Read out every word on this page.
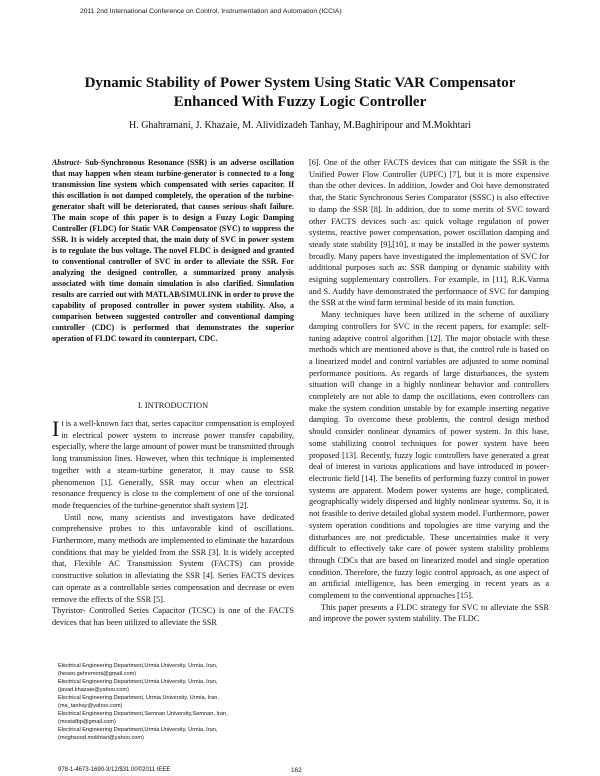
2011 2nd International Conference on Control, Instrumentation and Automation (ICCIA)
Dynamic Stability of Power System Using Static VAR Compensator
Enhanced With Fuzzy Logic Controller
H. Ghahramani, J. Khazaie, M. Alividizadeh Tanhay, M.Baghiripour and M.Mokhtari

Abstract- Sub-Synchronous Resonance (SSR) is an adverse oscillation that may happen when steam turbine-generator is connected to a long transmission line system which compensated with series capacitor. If this oscillation is not damped completely, the operation of the turbine-generator shaft will be deteriorated, that causes serious shaft failure. The main scope of this paper is to design a Fuzzy Logic Damping Controller (FLDC) for Static VAR Compensator (SVC) to suppress the SSR. It is widely accepted that, the main duty of SVC in power system is to regulate the bus voltage. The novel FLDC is designed and granted to conventional controller of SVC in order to alleviate the SSR. For analyzing the designed controller, a summarized prony analysis associated with time domain simulation is also clarified. Simulation results are carried out with MATLAB/SIMULINK in order to prove the capability of proposed controller in power system stability. Also, a comparison between suggested controller and conventional damping controller (CDC) is performed that demonstrates the superior operation of FLDC toward its counterpart, CDC.

I. INTRODUCTION

It is a well-known fact that, series capacitor compensation is employed in electrical power system to increase power transfer capability, especially, where the large amount of power must be transmitted through long transmission lines. However, when this technique is implemented together with a steam-turbine generator, it may cause to SSR phenomenon [1]. Generally, SSR may occur when an electrical resonance frequency is close to the complement of one of the torsional mode frequencies of the turbine-generator shaft system [2].

Until now, many scientists and investigators have dedicated comprehensive probes to this unfavorable kind of oscillations. Furthermore, many methods are implemented to eliminate the hazardous conditions that may be yielded from the SSR [3]. It is widely accepted that, Flexible AC Transmission System (FACTS) can provide constructive solution in alleviating the SSR [4]. Series FACTS devices can operate as a controllable series compensation and decrease or even remove the effects of the SSR [5].

Thyristor- Controlled Series Capacitor (TCSC) is one of the FACTS devices that has been utilized to alleviate the SSR

[6]. One of the other FACTS devices that can mitigate the SSR is the Unified Power Flow Controller (UPFC) [7], but it is more expensive than the other devices. In addition, Jowder and Ooi have demonstrated that, the Static Synchronous Series Comparator (SSSC) is also effective to damp the SSR [8]. In addition, due to some merits of SVC toward other FACTS devices such as: quick voltage regulation of power systems, reactive power compensation, power oscillation damping and steady state stability [9],[10], it may be installed in the power systems broadly. Many papers have investigated the implementation of SVC for additional purposes such as: SSR damping or dynamic stability with esigning supplementary controllers. For example, in [11], R.K.Varma and S. Auddy have demonstrated the performance of SVC for damping the SSR at the wind farm terminal beside of its main function.

Many techniques have been utilized in the scheme of auxiliary damping controllers for SVC in the recent papers, for example: self-tuning adaptive control algorithm [12]. The major obstacle with these methods which are mentioned above is that, the control rule is based on a linearized model and control variables are adjusted to some nominal performance positions. As regards of large disturbances, the system situation will change in a highly nonlinear behavior and controllers completely are not able to damp the oscillations, even controllers can make the system condition unstable by for example inserting negative damping. To overcome these problems, the control design method should consider nonlinear dynamics of power system. In this base, some stabilizing control techniques for power system have been proposed [13]. Recently, fuzzy logic controllers have generated a great deal of interest in various applications and have introduced in power-electronic field [14]. The benefits of performing fuzzy control in power systems are apparent. Modern power systems are huge, complicated, geographically widely dispersed and highly nonlinear systems. So, it is not feasible to derive detailed global system model. Furthermore, power system operation conditions and topologies are time varying and the disturbances are not predictable. These uncertainties make it very difficult to effectively take care of power system stability problems through CDCs that are based on linearized model and single operation condition. Therefore, the fuzzy logic control approach, as one aspect of an artificial intelligence, has been emerging in recent years as a complement to the conventional approaches [15].

This paper presents a FLDC strategy for SVC to alleviate the SSR and improve the power system stability. The FLDC

Electrical Engineering Department,Urmia University, Urmia, Iran,

(hesen.gehremoni@gmail.com)

Electrical Engineering Department,Urmia University, Urmia, Iran,

(javad.khazaie@yahoo.com)

Electrical Engineering Department, Urmia University, Urmia, Iran,

(ma_tanhay@yahoo.com)

Electrical Engineering Department,Semnan University,Semnan, Iran,

(mostafbp@gmail.com)

Electrical Engineering Department,Urmia University, Urmia, Iran,

(moghsood.mokhtari@yahoo.com)

978-1-4673-1690-3/12/$31.00©2011 IEEE	162
